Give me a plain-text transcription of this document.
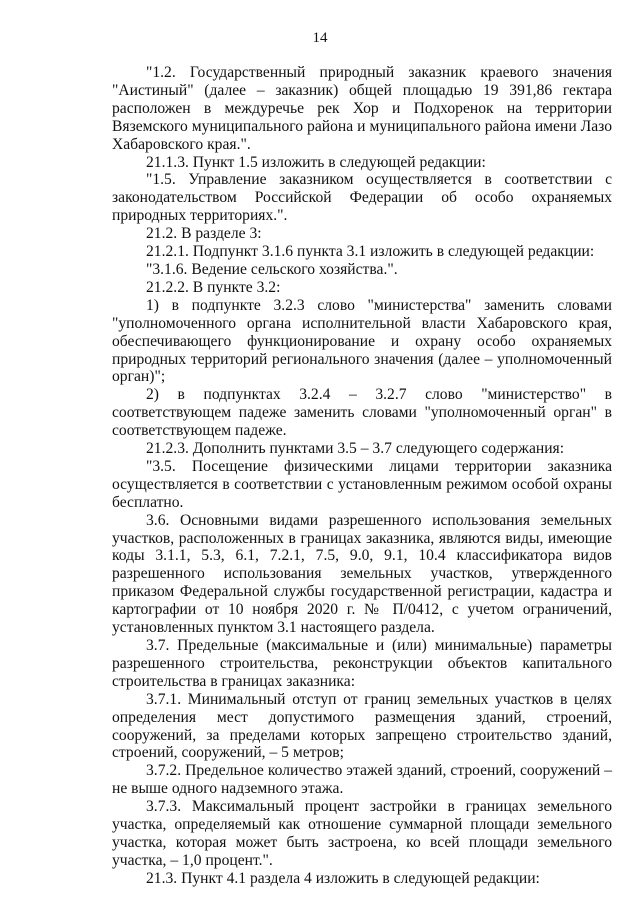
14

"1.2. Государственный природный заказник краевого значения "Аистиный" (далее – заказник) общей площадью 19 391,86 гектара расположен в междуречье рек Хор и Подхоренок на территории Вяземского муниципального района и муниципального района имени Лазо Хабаровского края.".

21.1.3. Пункт 1.5 изложить в следующей редакции:

"1.5. Управление заказником осуществляется в соответствии с законодательством Российской Федерации об особо охраняемых природных территориях.".

21.2. В разделе 3:

21.2.1. Подпункт 3.1.6 пункта 3.1 изложить в следующей редакции:

"3.1.6. Ведение сельского хозяйства.".

21.2.2. В пункте 3.2:

1) в подпункте 3.2.3 слово "министерства" заменить словами "уполномоченного органа исполнительной власти Хабаровского края, обеспечивающего функционирование и охрану особо охраняемых природных территорий регионального значения (далее – уполномоченный орган)";

2) в подпунктах 3.2.4 – 3.2.7 слово "министерство" в соответствующем падеже заменить словами "уполномоченный орган" в соответствующем падеже.

21.2.3. Дополнить пунктами 3.5 – 3.7 следующего содержания:

"3.5. Посещение физическими лицами территории заказника осуществляется в соответствии с установленным режимом особой охраны бесплатно.

3.6. Основными видами разрешенного использования земельных участков, расположенных в границах заказника, являются виды, имеющие коды 3.1.1, 5.3, 6.1, 7.2.1, 7.5, 9.0, 9.1, 10.4 классификатора видов разрешенного использования земельных участков, утвержденного приказом Федеральной службы государственной регистрации, кадастра и картографии от 10 ноября 2020 г. № П/0412, с учетом ограничений, установленных пунктом 3.1 настоящего раздела.

3.7. Предельные (максимальные и (или) минимальные) параметры разрешенного строительства, реконструкции объектов капитального строительства в границах заказника:

3.7.1. Минимальный отступ от границ земельных участков в целях определения мест допустимого размещения зданий, строений, сооружений, за пределами которых запрещено строительство зданий, строений, сооружений, – 5 метров;

3.7.2. Предельное количество этажей зданий, строений, сооружений – не выше одного надземного этажа.

3.7.3. Максимальный процент застройки в границах земельного участка, определяемый как отношение суммарной площади земельного участка, которая может быть застроена, ко всей площади земельного участка, – 1,0 процент.".

21.3. Пункт 4.1 раздела 4 изложить в следующей редакции:
